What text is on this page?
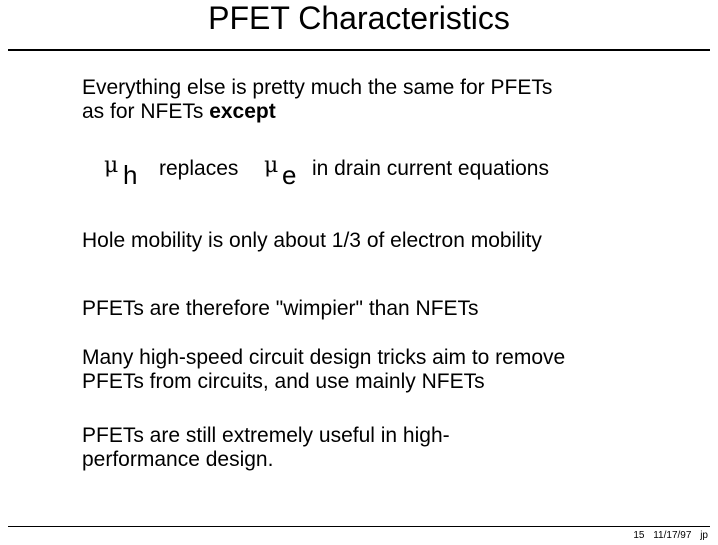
PFET Characteristics
Everything else is pretty much the same for PFETs
as for NFETs except
μ h replaces μ e in drain current equations
Hole mobility is only about 1/3 of electron mobility
PFETs are therefore "wimpier" than NFETs
Many high-speed circuit design tricks aim to remove
PFETs from circuits, and use mainly NFETs
PFETs are still extremely useful in high-
performance design.
15 11/17/97 jp
